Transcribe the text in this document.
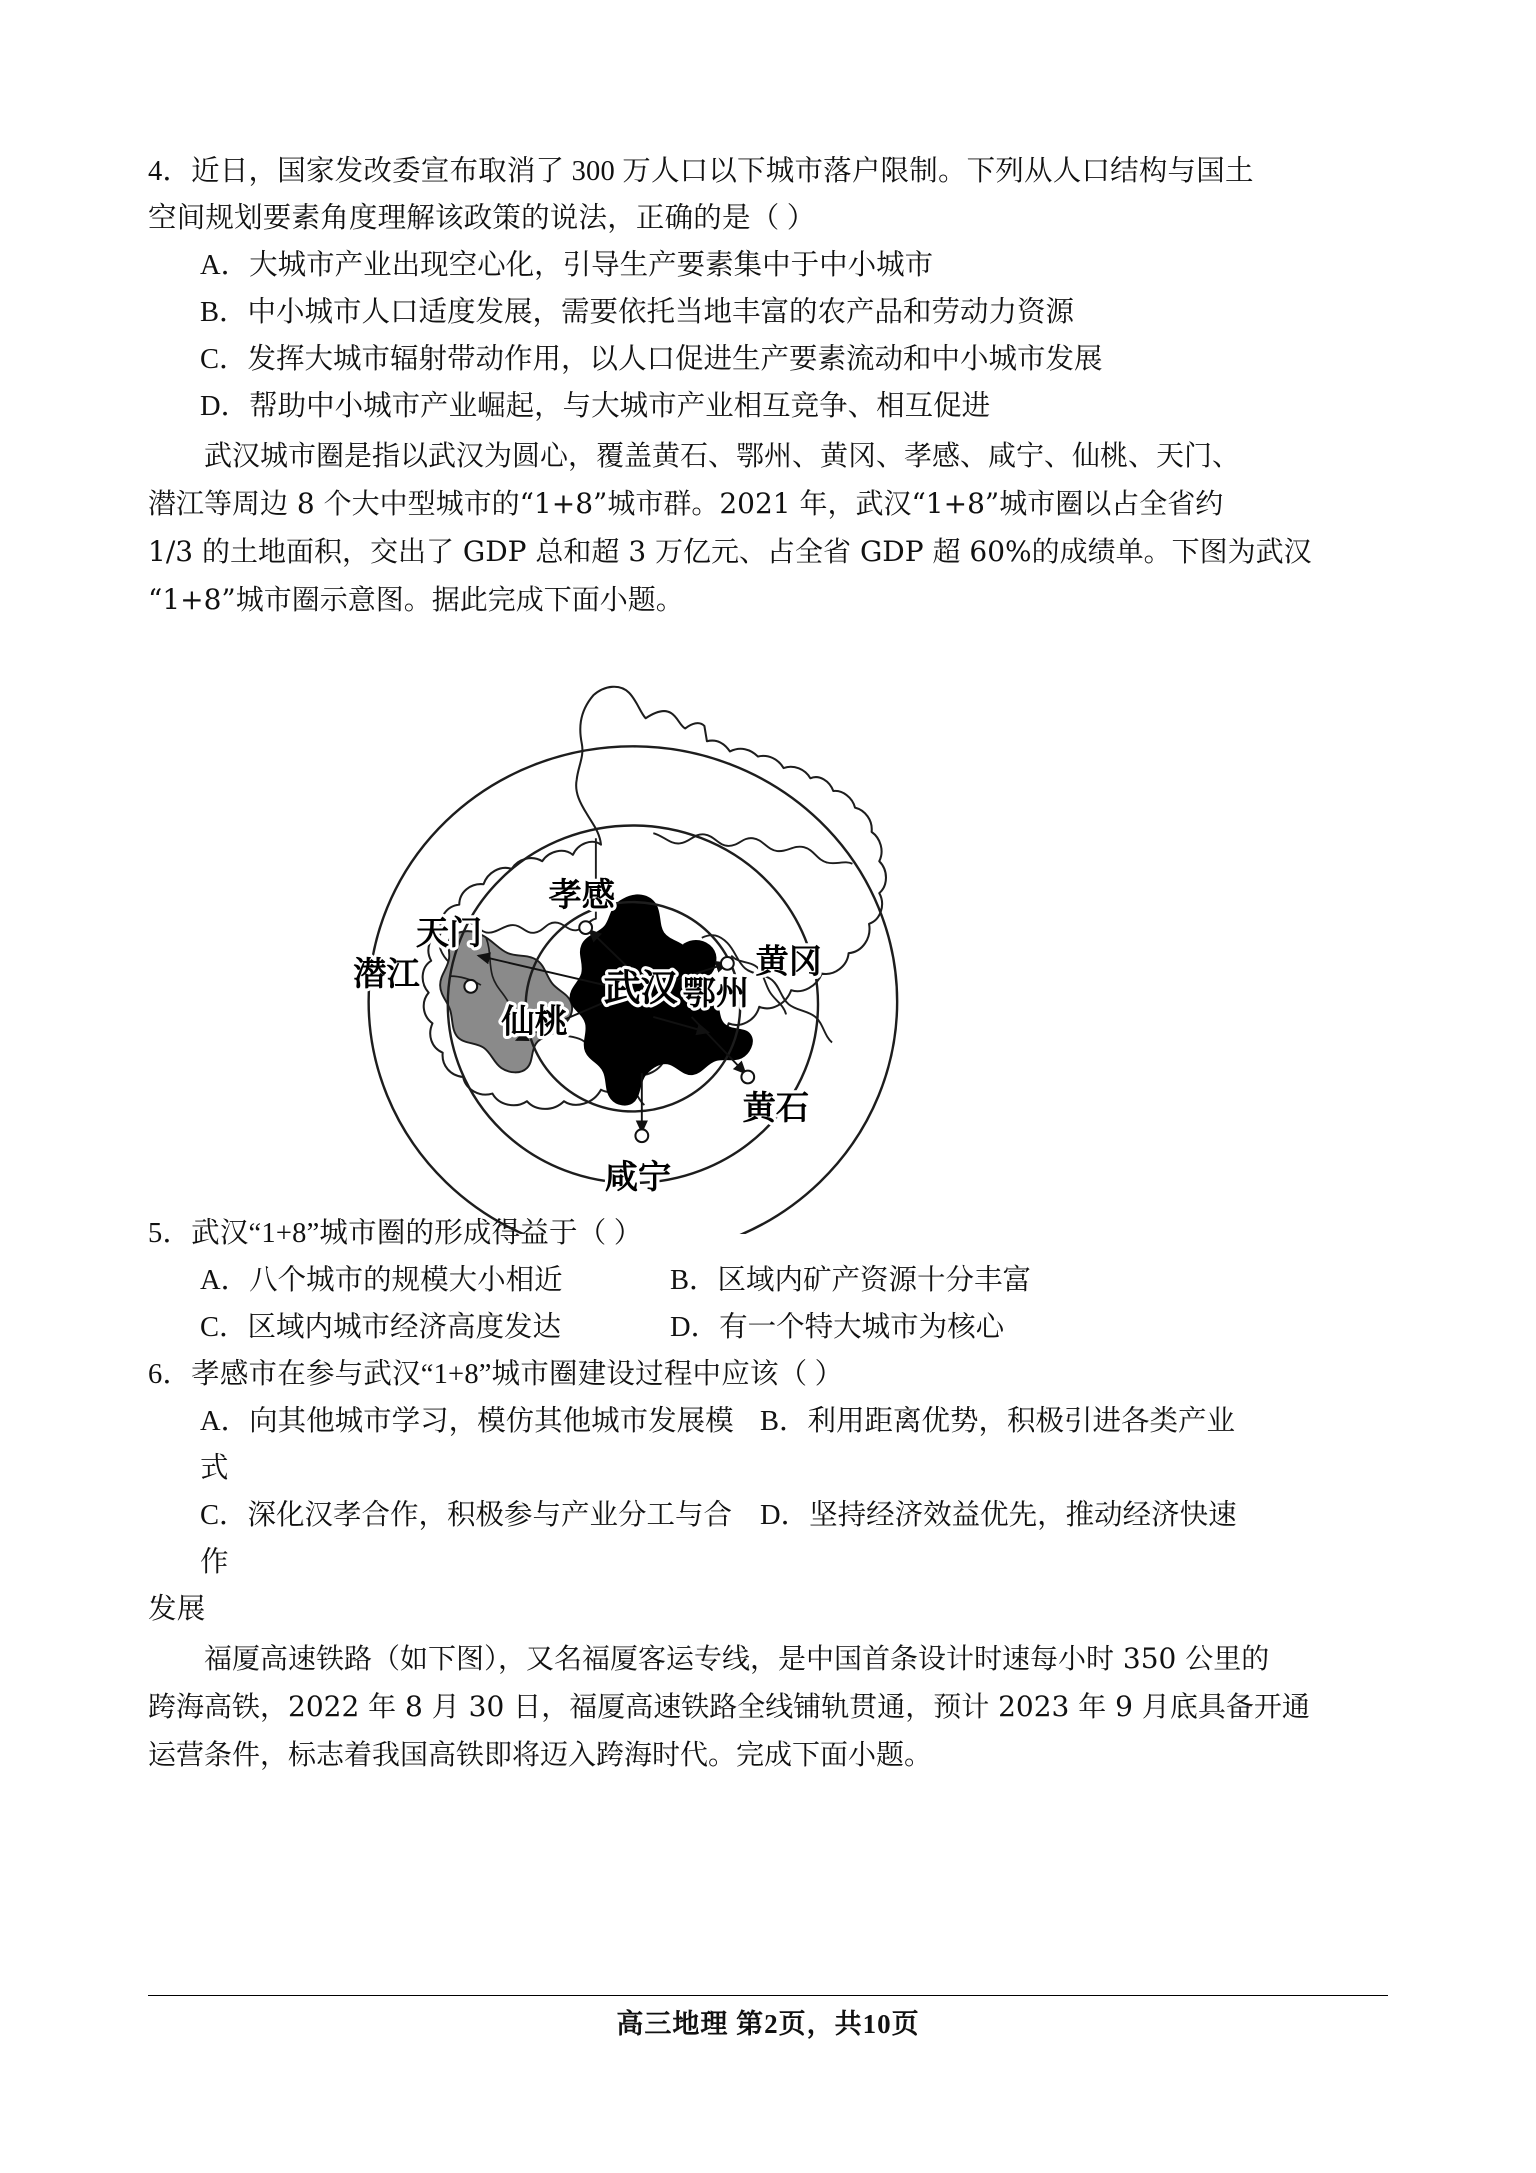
4．近日，国家发改委宣布取消了 300 万人口以下城市落户限制。下列从人口结构与国土
空间规划要素角度理解该政策的说法，正确的是（ ）
A．大城市产业出现空心化，引导生产要素集中于中小城市
B．中小城市人口适度发展，需要依托当地丰富的农产品和劳动力资源
C．发挥大城市辐射带动作用，以人口促进生产要素流动和中小城市发展
D．帮助中小城市产业崛起，与大城市产业相互竞争、相互促进
武汉城市圈是指以武汉为圆心，覆盖黄石、鄂州、黄冈、孝感、咸宁、仙桃、天门、
潜江等周边 8 个大中型城市的“1+8”城市群。2021 年，武汉“1+8”城市圈以占全省约
1/3 的土地面积，交出了 GDP 总和超 3 万亿元、占全省 GDP 超 60%的成绩单。下图为武汉
“1+8”城市圈示意图。据此完成下面小题。
孝感
天门
潜江
仙桃
武汉 鄂州
黄冈
黄石
咸宁
5．武汉“1+8”城市圈的形成得益于（ ）
A．八个城市的规模大小相近	B．区域内矿产资源十分丰富
C．区域内城市经济高度发达	D．有一个特大城市为核心
6．孝感市在参与武汉“1+8”城市圈建设过程中应该（ ）
A．向其他城市学习，模仿其他城市发展模式
B．利用距离优势，积极引进各类产业
C．深化汉孝合作，积极参与产业分工与合作
D．坚持经济效益优先，推动经济快速
发展
福厦高速铁路（如下图），又名福厦客运专线，是中国首条设计时速每小时 350 公里的
跨海高铁，2022 年 8 月 30 日，福厦高速铁路全线铺轨贯通，预计 2023 年 9 月底具备开通
运营条件，标志着我国高铁即将迈入跨海时代。完成下面小题。
高三地理 第2页，共10页
